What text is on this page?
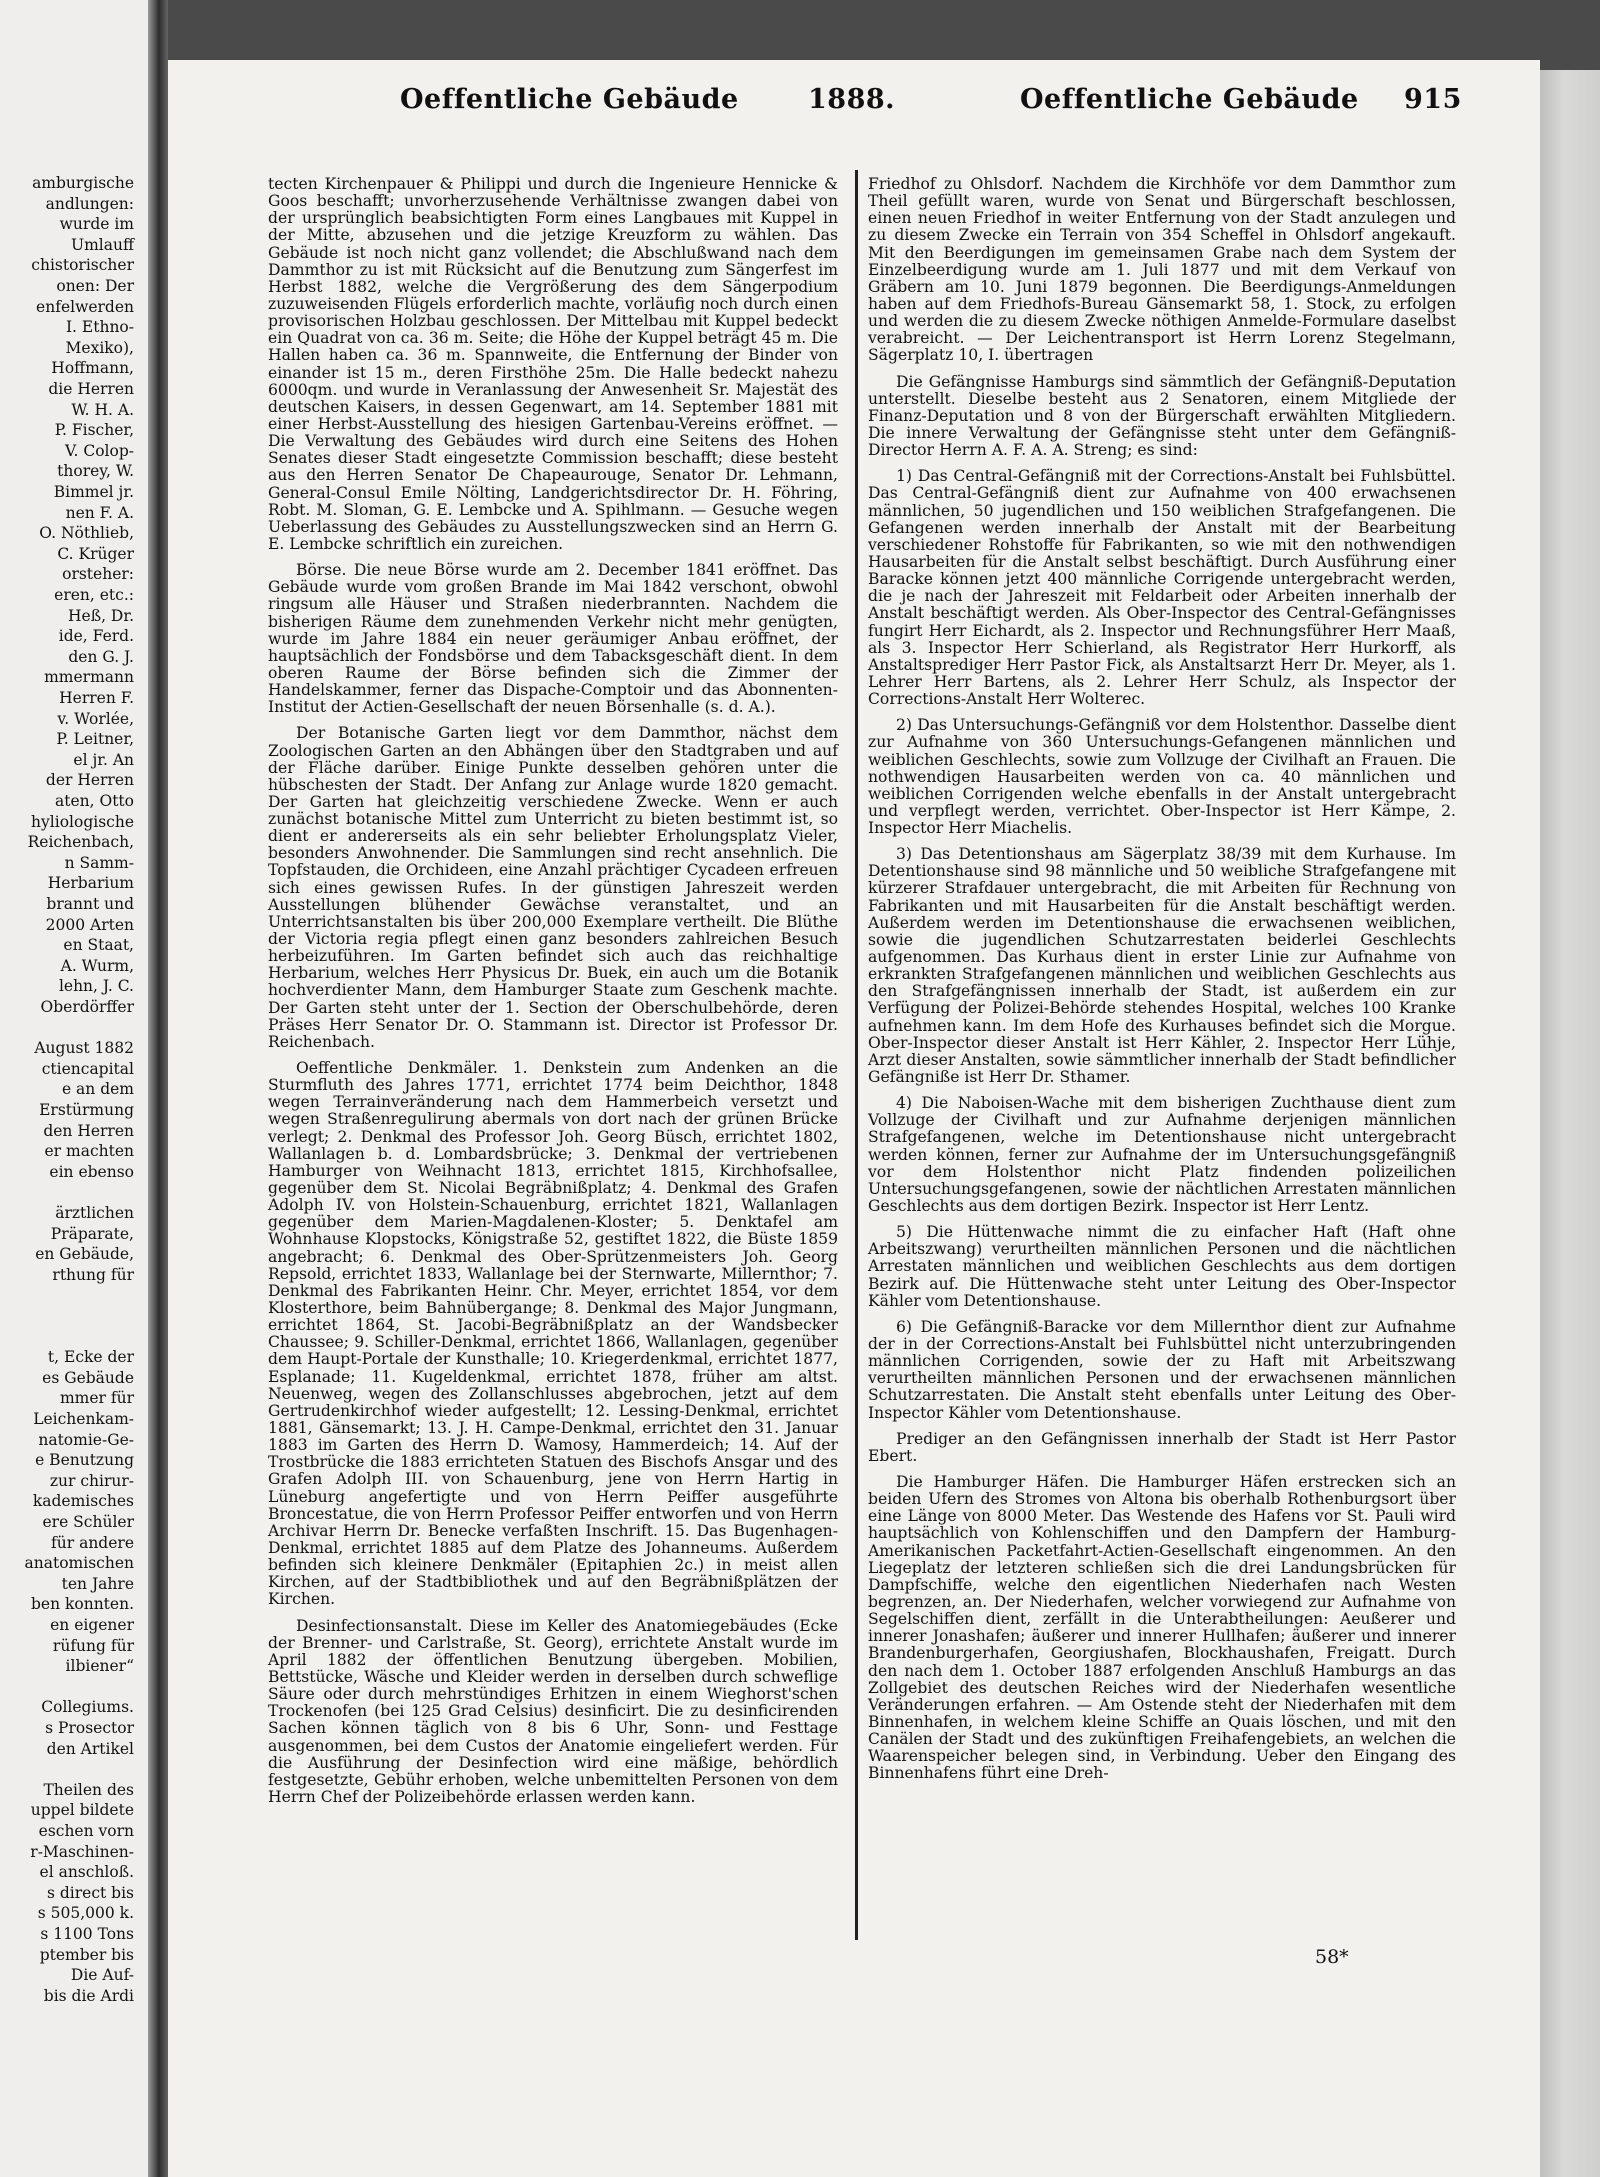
amburgische
andlungen:
wurde im
Umlauff
chistorischer
onen: Der
enfelwerden
I. Ethno-
Mexiko),
Hoffmann,
die Herren
W. H. A.
P. Fischer,
V. Colop-
thorey, W.
Bimmel jr.
nen F. A.
O. Nöthlieb,
C. Krüger
orsteher:
eren, etc.:
Heß, Dr.
ide, Ferd.
den G. J.
mmermann
Herren F.
v. Worlée,
P. Leitner,
el jr. An
der Herren
aten, Otto
hyliologische
Reichenbach,
n Samm-
Herbarium
brannt und
2000 Arten
en Staat,
A. Wurm,
lehn, J. C.
Oberdörffer
August 1882
ctiencapital
e an dem
Erstürmung
den Herren
er machten
ein ebenso
ärztlichen
Präparate,
en Gebäude,
rthung für
t, Ecke der
es Gebäude
mmer für
Leichenkam-
natomie-Ge-
e Benutzung
zur chirur-
kademisches
ere Schüler
für andere
anatomischen
ten Jahre
ben konnten.
en eigener
rüfung für
ilbiener“
Collegiums.
s Prosector
den Artikel
Theilen des
uppel bildete
eschen vorn
r-Maschinen-
el anschloß.
s direct bis
s 505,000 k.
s 1100 Tons
ptember bis
Die Auf-
bis die Ardi
Oeffentliche Gebäude	1888.	Oeffentliche Gebäude 915

tecten Kirchenpauer & Philippi und durch die Ingenieure Hennicke & Goos beschafft; unvorherzusehende Verhältnisse zwangen dabei von der ursprünglich beabsichtigten Form eines Langbaues mit Kuppel in der Mitte, abzusehen und die jetzige Kreuzform zu wählen. Das Gebäude ist noch nicht ganz vollendet; die Abschlußwand nach dem Dammthor zu ist mit Rücksicht auf die Benutzung zum Sängerfest im Herbst 1882, welche die Vergrößerung des dem Sängerpodium zuzuweisenden Flügels erforderlich machte, vorläufig noch durch einen provisorischen Holzbau geschlossen. Der Mittelbau mit Kuppel bedeckt ein Quadrat von ca. 36 m. Seite; die Höhe der Kuppel beträgt 45 m. Die Hallen haben ca. 36 m. Spannweite, die Entfernung der Binder von einander ist 15 m., deren Firsthöhe 25m. Die Halle bedeckt nahezu 6000qm. und wurde in Veranlassung der Anwesenheit Sr. Majestät des deutschen Kaisers, in dessen Gegenwart, am 14. September 1881 mit einer Herbst-Ausstellung des hiesigen Gartenbau-Vereins eröffnet. — Die Verwaltung des Gebäudes wird durch eine Seitens des Hohen Senates dieser Stadt eingesetzte Commission beschafft; diese besteht aus den Herren Senator De Chapeaurouge, Senator Dr. Lehmann, General-Consul Emile Nölting, Landgerichtsdirector Dr. H. Föhring, Robt. M. Sloman, G. E. Lembcke und A. Spihlmann. — Gesuche wegen Ueberlassung des Gebäudes zu Ausstellungszwecken sind an Herrn G. E. Lembcke schriftlich ein zureichen.

Börse. Die neue Börse wurde am 2. December 1841 eröffnet. Das Gebäude wurde vom großen Brande im Mai 1842 verschont, obwohl ringsum alle Häuser und Straßen niederbrannten. Nachdem die bisherigen Räume dem zunehmenden Verkehr nicht mehr genügten, wurde im Jahre 1884 ein neuer geräumiger Anbau eröffnet, der hauptsächlich der Fondsbörse und dem Tabacksgeschäft dient. In dem oberen Raume der Börse befinden sich die Zimmer der Handelskammer, ferner das Dispache-Comptoir und das Abonnenten-Institut der Actien-Gesellschaft der neuen Börsenhalle (s. d. A.).

Der Botanische Garten liegt vor dem Dammthor, nächst dem Zoologischen Garten an den Abhängen über den Stadtgraben und auf der Fläche darüber. Einige Punkte desselben gehören unter die hübschesten der Stadt. Der Anfang zur Anlage wurde 1820 gemacht. Der Garten hat gleichzeitig verschiedene Zwecke. Wenn er auch zunächst botanische Mittel zum Unterricht zu bieten bestimmt ist, so dient er andererseits als ein sehr beliebter Erholungsplatz Vieler, besonders Anwohnender. Die Sammlungen sind recht ansehnlich. Die Topfstauden, die Orchideen, eine Anzahl prächtiger Cycadeen erfreuen sich eines gewissen Rufes. In der günstigen Jahreszeit werden Ausstellungen blühender Gewächse veranstaltet, und an Unterrichtsanstalten bis über 200,000 Exemplare vertheilt. Die Blüthe der Victoria regia pflegt einen ganz besonders zahlreichen Besuch herbeizuführen. Im Garten befindet sich auch das reichhaltige Herbarium, welches Herr Physicus Dr. Buek, ein auch um die Botanik hochverdienter Mann, dem Hamburger Staate zum Geschenk machte. Der Garten steht unter der 1. Section der Oberschulbehörde, deren Präses Herr Senator Dr. O. Stammann ist. Director ist Professor Dr. Reichenbach.

Oeffentliche Denkmäler. 1. Denkstein zum Andenken an die Sturmfluth des Jahres 1771, errichtet 1774 beim Deichthor, 1848 wegen Terrainveränderung nach dem Hammerbeich versetzt und wegen Straßenregulirung abermals von dort nach der grünen Brücke verlegt; 2. Denkmal des Professor Joh. Georg Büsch, errichtet 1802, Wallanlagen b. d. Lombardsbrücke; 3. Denkmal der vertriebenen Hamburger von Weihnacht 1813, errichtet 1815, Kirchhofsallee, gegenüber dem St. Nicolai Begräbnißplatz; 4. Denkmal des Grafen Adolph IV. von Holstein-Schauenburg, errichtet 1821, Wallanlagen gegenüber dem Marien-Magdalenen-Kloster; 5. Denktafel am Wohnhause Klopstocks, Königstraße 52, gestiftet 1822, die Büste 1859 angebracht; 6. Denkmal des Ober-Sprützenmeisters Joh. Georg Repsold, errichtet 1833, Wallanlage bei der Sternwarte, Millernthor; 7. Denkmal des Fabrikanten Heinr. Chr. Meyer, errichtet 1854, vor dem Klosterthore, beim Bahnübergange; 8. Denkmal des Major Jungmann, errichtet 1864, St. Jacobi-Begräbnißplatz an der Wandsbecker Chaussee; 9. Schiller-Denkmal, errichtet 1866, Wallanlagen, gegenüber dem Haupt-Portale der Kunsthalle; 10. Kriegerdenkmal, errichtet 1877, Esplanade; 11. Kugeldenkmal, errichtet 1878, früher am altst. Neuenweg, wegen des Zollanschlusses abgebrochen, jetzt auf dem Gertrudenkirchhof wieder aufgestellt; 12. Lessing-Denkmal, errichtet 1881, Gänsemarkt; 13. J. H. Campe-Denkmal, errichtet den 31. Januar 1883 im Garten des Herrn D. Wamosy, Hammerdeich; 14. Auf der Trostbrücke die 1883 errichteten Statuen des Bischofs Ansgar und des Grafen Adolph III. von Schauenburg, jene von Herrn Hartig in Lüneburg angefertigte und von Herrn Peiffer ausgeführte Broncestatue, die von Herrn Professor Peiffer entworfen und von Herrn Archivar Herrn Dr. Benecke verfaßten Inschrift. 15. Das Bugenhagen-Denkmal, errichtet 1885 auf dem Platze des Johanneums. Außerdem befinden sich kleinere Denkmäler (Epitaphien 2c.) in meist allen Kirchen, auf der Stadtbibliothek und auf den Begräbnißplätzen der Kirchen.

Desinfectionsanstalt. Diese im Keller des Anatomiegebäudes (Ecke der Brenner- und Carlstraße, St. Georg), errichtete Anstalt wurde im April 1882 der öffentlichen Benutzung übergeben. Mobilien, Bettstücke, Wäsche und Kleider werden in derselben durch schweflige Säure oder durch mehrstündiges Erhitzen in einem Wieghorst'schen Trockenofen (bei 125 Grad Celsius) desinficirt. Die zu desinficirenden Sachen können täglich von 8 bis 6 Uhr, Sonn- und Festtage ausgenommen, bei dem Custos der Anatomie eingeliefert werden. Für die Ausführung der Desinfection wird eine mäßige, behördlich festgesetzte, Gebühr erhoben, welche unbemittelten Personen von dem Herrn Chef der Polizeibehörde erlassen werden kann.

Friedhof zu Ohlsdorf. Nachdem die Kirchhöfe vor dem Dammthor zum Theil gefüllt waren, wurde von Senat und Bürgerschaft beschlossen, einen neuen Friedhof in weiter Entfernung von der Stadt anzulegen und zu diesem Zwecke ein Terrain von 354 Scheffel in Ohlsdorf angekauft. Mit den Beerdigungen im gemeinsamen Grabe nach dem System der Einzelbeerdigung wurde am 1. Juli 1877 und mit dem Verkauf von Gräbern am 10. Juni 1879 begonnen. Die Beerdigungs-Anmeldungen haben auf dem Friedhofs-Bureau Gänsemarkt 58, 1. Stock, zu erfolgen und werden die zu diesem Zwecke nöthigen Anmelde-Formulare daselbst verabreicht. — Der Leichentransport ist Herrn Lorenz Stegelmann, Sägerplatz 10, I. übertragen

Die Gefängnisse Hamburgs sind sämmtlich der Gefängniß-Deputation unterstellt. Dieselbe besteht aus 2 Senatoren, einem Mitgliede der Finanz-Deputation und 8 von der Bürgerschaft erwählten Mitgliedern. Die innere Verwaltung der Gefängnisse steht unter dem Gefängniß-Director Herrn A. F. A. A. Streng; es sind:

1) Das Central-Gefängniß mit der Corrections-Anstalt bei Fuhlsbüttel. Das Central-Gefängniß dient zur Aufnahme von 400 erwachsenen männlichen, 50 jugendlichen und 150 weiblichen Strafgefangenen. Die Gefangenen werden innerhalb der Anstalt mit der Bearbeitung verschiedener Rohstoffe für Fabrikanten, so wie mit den nothwendigen Hausarbeiten für die Anstalt selbst beschäftigt. Durch Ausführung einer Baracke können jetzt 400 männliche Corrigende untergebracht werden, die je nach der Jahreszeit mit Feldarbeit oder Arbeiten innerhalb der Anstalt beschäftigt werden. Als Ober-Inspector des Central-Gefängnisses fungirt Herr Eichardt, als 2. Inspector und Rechnungsführer Herr Maaß, als 3. Inspector Herr Schierland, als Registrator Herr Hurkorff, als Anstaltsprediger Herr Pastor Fick, als Anstaltsarzt Herr Dr. Meyer, als 1. Lehrer Herr Bartens, als 2. Lehrer Herr Schulz, als Inspector der Corrections-Anstalt Herr Wolterec.

2) Das Untersuchungs-Gefängniß vor dem Holstenthor. Dasselbe dient zur Aufnahme von 360 Untersuchungs-Gefangenen männlichen und weiblichen Geschlechts, sowie zum Vollzuge der Civilhaft an Frauen. Die nothwendigen Hausarbeiten werden von ca. 40 männlichen und weiblichen Corrigenden welche ebenfalls in der Anstalt untergebracht und verpflegt werden, verrichtet. Ober-Inspector ist Herr Kämpe, 2. Inspector Herr Miachelis.

3) Das Detentionshaus am Sägerplatz 38/39 mit dem Kurhause. Im Detentionshause sind 98 männliche und 50 weibliche Strafgefangene mit kürzerer Strafdauer untergebracht, die mit Arbeiten für Rechnung von Fabrikanten und mit Hausarbeiten für die Anstalt beschäftigt werden. Außerdem werden im Detentionshause die erwachsenen weiblichen, sowie die jugendlichen Schutzarrestaten beiderlei Geschlechts aufgenommen. Das Kurhaus dient in erster Linie zur Aufnahme von erkrankten Strafgefangenen männlichen und weiblichen Geschlechts aus den Strafgefängnissen innerhalb der Stadt, ist außerdem ein zur Verfügung der Polizei-Behörde stehendes Hospital, welches 100 Kranke aufnehmen kann. Im dem Hofe des Kurhauses befindet sich die Morgue. Ober-Inspector dieser Anstalt ist Herr Kähler, 2. Inspector Herr Lühje, Arzt dieser Anstalten, sowie sämmtlicher innerhalb der Stadt befindlicher Gefängniße ist Herr Dr. Sthamer.

4) Die Naboisen-Wache mit dem bisherigen Zuchthause dient zum Vollzuge der Civilhaft und zur Aufnahme derjenigen männlichen Strafgefangenen, welche im Detentionshause nicht untergebracht werden können, ferner zur Aufnahme der im Untersuchungsgefängniß vor dem Holstenthor nicht Platz findenden polizeilichen Untersuchungsgefangenen, sowie der nächtlichen Arrestaten männlichen Geschlechts aus dem dortigen Bezirk. Inspector ist Herr Lentz.

5) Die Hüttenwache nimmt die zu einfacher Haft (Haft ohne Arbeitszwang) verurtheilten männlichen Personen und die nächtlichen Arrestaten männlichen und weiblichen Geschlechts aus dem dortigen Bezirk auf. Die Hüttenwache steht unter Leitung des Ober-Inspector Kähler vom Detentionshause.

6) Die Gefängniß-Baracke vor dem Millernthor dient zur Aufnahme der in der Corrections-Anstalt bei Fuhlsbüttel nicht unterzubringenden männlichen Corrigenden, sowie der zu Haft mit Arbeitszwang verurtheilten männlichen Personen und der erwachsenen männlichen Schutzarrestaten. Die Anstalt steht ebenfalls unter Leitung des Ober-Inspector Kähler vom Detentionshause.

Prediger an den Gefängnissen innerhalb der Stadt ist Herr Pastor Ebert.

Die Hamburger Häfen. Die Hamburger Häfen erstrecken sich an beiden Ufern des Stromes von Altona bis oberhalb Rothenburgsort über eine Länge von 8000 Meter. Das Westende des Hafens vor St. Pauli wird hauptsächlich von Kohlenschiffen und den Dampfern der Hamburg-Amerikanischen Packetfahrt-Actien-Gesellschaft eingenommen. An den Liegeplatz der letzteren schließen sich die drei Landungsbrücken für Dampfschiffe, welche den eigentlichen Niederhafen nach Westen begrenzen, an. Der Niederhafen, welcher vorwiegend zur Aufnahme von Segelschiffen dient, zerfällt in die Unterabtheilungen: Aeußerer und innerer Jonashafen; äußerer und innerer Hullhafen; äußerer und innerer Brandenburgerhafen, Georgiushafen, Blockhaushafen, Freigatt. Durch den nach dem 1. October 1887 erfolgenden Anschluß Hamburgs an das Zollgebiet des deutschen Reiches wird der Niederhafen wesentliche Veränderungen erfahren. — Am Ostende steht der Niederhafen mit dem Binnenhafen, in welchem kleine Schiffe an Quais löschen, und mit den Canälen der Stadt und des zukünftigen Freihafengebiets, an welchen die Waarenspeicher belegen sind, in Verbindung. Ueber den Eingang des Binnenhafens führt eine Dreh-

58*
